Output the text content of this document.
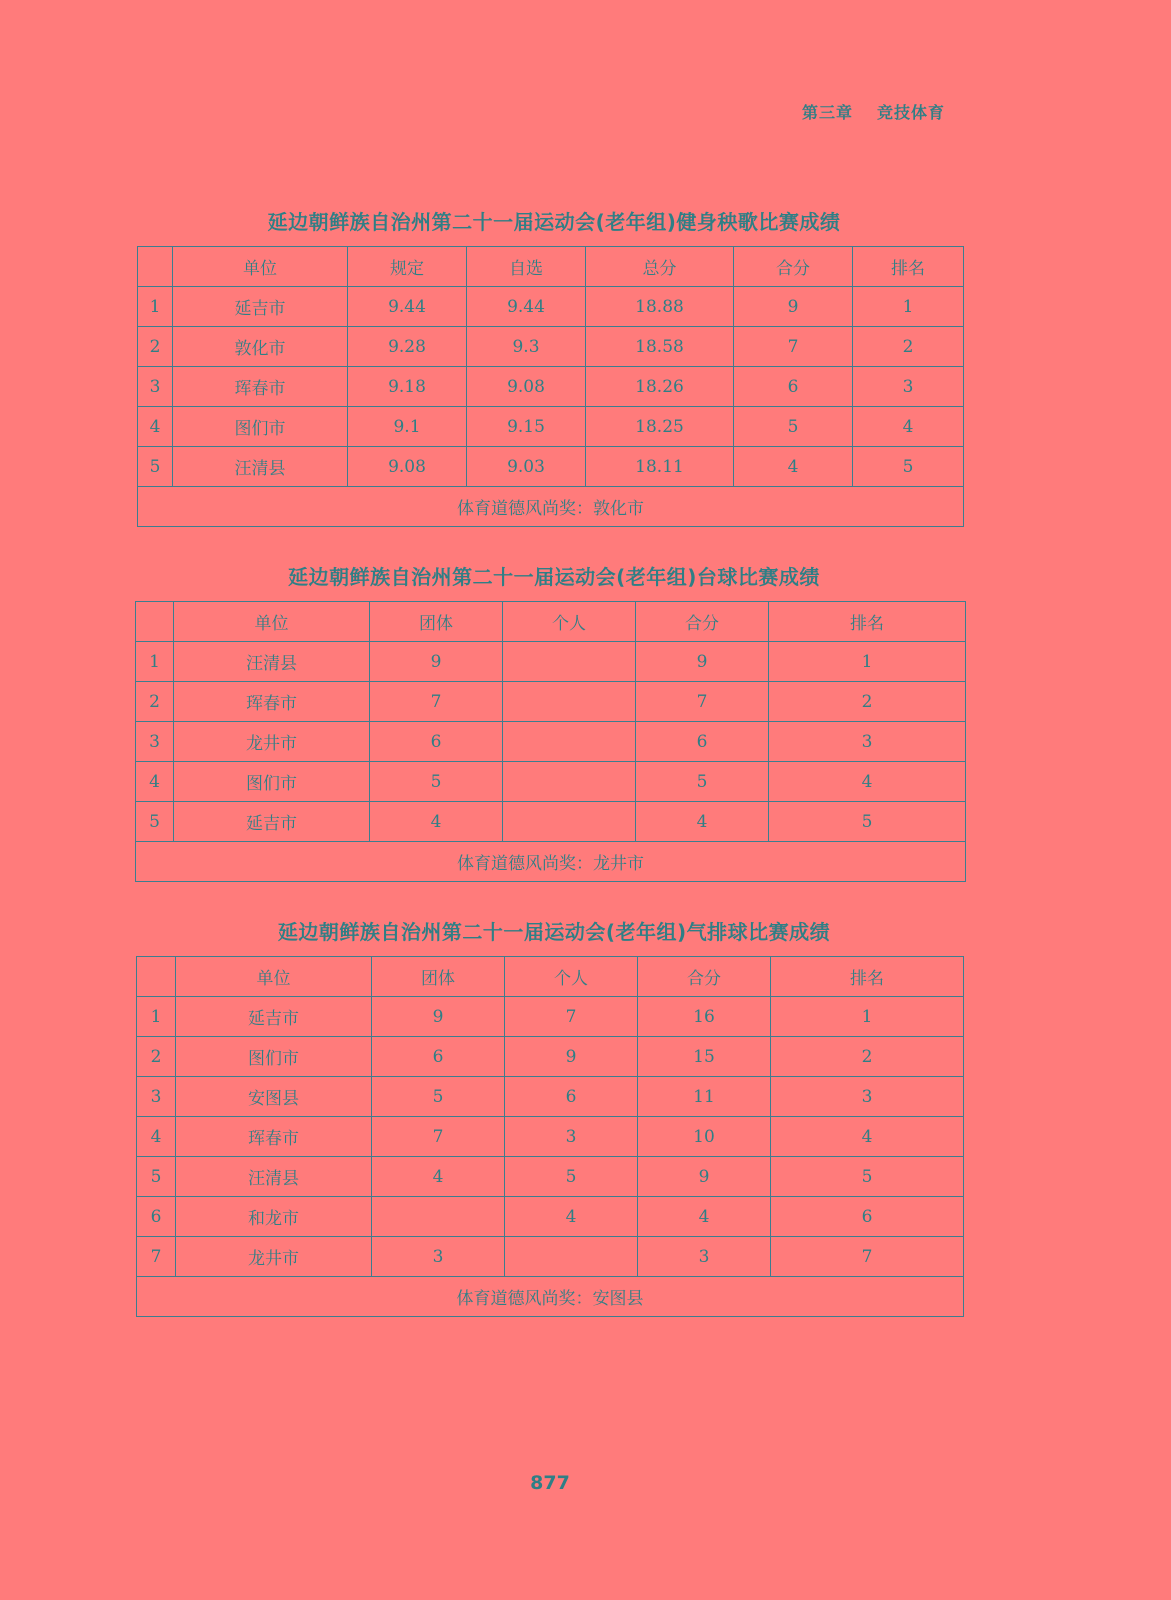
第三章 竞技体育
延边朝鲜族自治州第二十一届运动会(老年组)健身秧歌比赛成绩
	单位	规定	自选	总分	合分	排名
1	延吉市	9.44	9.44	18.88	9	1
2	敦化市	9.28	9.3	18.58	7	2
3	珲春市	9.18	9.08	18.26	6	3
4	图们市	9.1	9.15	18.25	5	4
5	汪清县	9.08	9.03	18.11	4	5
体育道德风尚奖：敦化市						
延边朝鲜族自治州第二十一届运动会(老年组)台球比赛成绩
	单位	团体	个人	合分	排名
1	汪清县	9		9	1
2	珲春市	7		7	2
3	龙井市	6		6	3
4	图们市	5		5	4
5	延吉市	4		4	5
体育道德风尚奖：龙井市					
延边朝鲜族自治州第二十一届运动会(老年组)气排球比赛成绩
	单位	团体	个人	合分	排名
1	延吉市	9	7	16	1
2	图们市	6	9	15	2
3	安图县	5	6	11	3
4	珲春市	7	3	10	4
5	汪清县	4	5	9	5
6	和龙市		4	4	6
7	龙井市	3		3	7
体育道德风尚奖：安图县					
877
